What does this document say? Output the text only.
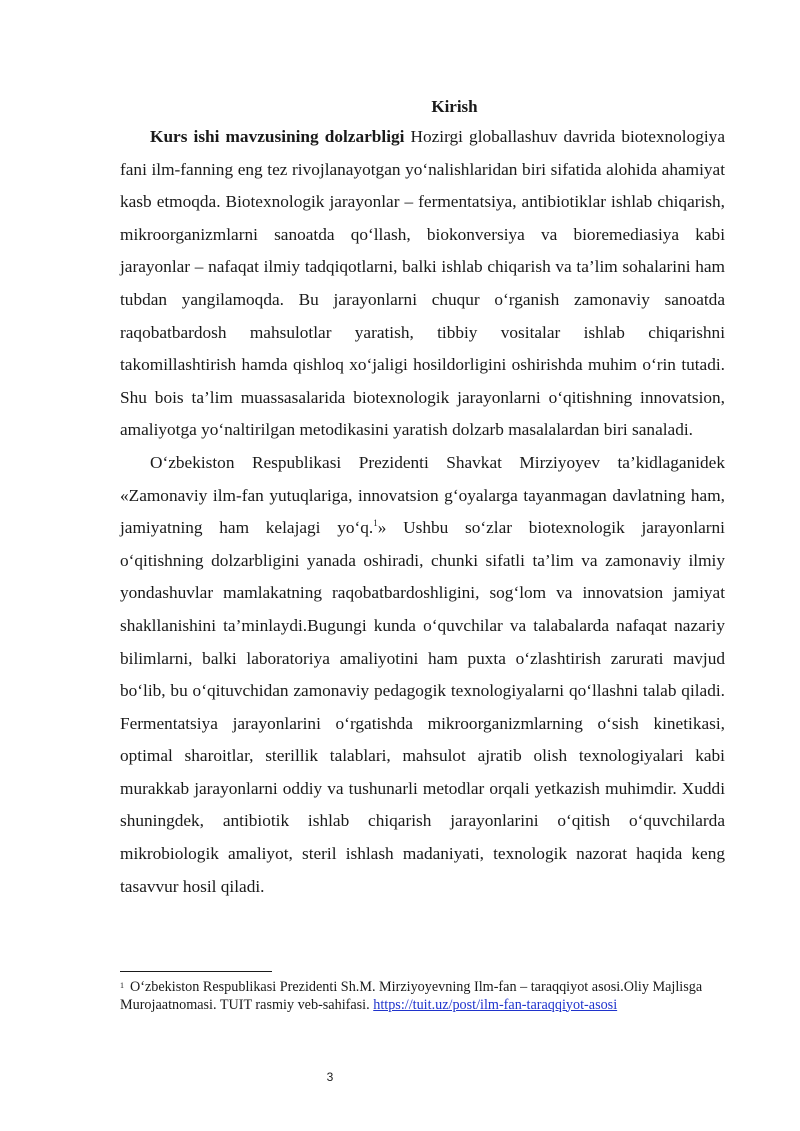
Kirish

Kurs ishi mavzusining dolzarbligi Hozirgi globallashuv davrida biotexnologiya fani ilm-fanning eng tez rivojlanayotgan yo‘nalishlaridan biri sifatida alohida ahamiyat kasb etmoqda. Biotexnologik jarayonlar – fermentatsiya, antibiotiklar ishlab chiqarish, mikroorganizmlarni sanoatda qo‘llash, biokonversiya va bioremediasiya kabi jarayonlar – nafaqat ilmiy tadqiqotlarni, balki ishlab chiqarish va ta’lim sohalarini ham tubdan yangilamoqda. Bu jarayonlarni chuqur o‘rganish zamonaviy sanoatda raqobatbardosh mahsulotlar yaratish, tibbiy vositalar ishlab chiqarishni takomillashtirish hamda qishloq xo‘jaligi hosildorligini oshirishda muhim o‘rin tutadi. Shu bois ta’lim muassasalarida biotexnologik jarayonlarni o‘qitishning innovatsion, amaliyotga yo‘naltirilgan metodikasini yaratish dolzarb masalalardan biri sanaladi.

O‘zbekiston Respublikasi Prezidenti Shavkat Mirziyoyev ta’kidlaganidek «Zamonaviy ilm-fan yutuqlariga, innovatsion g‘oyalarga tayanmagan davlatning ham, jamiyatning ham kelajagi yo‘q.$^1$» Ushbu so‘zlar biotexnologik jarayonlarni o‘qitishning dolzarbligini yanada oshiradi, chunki sifatli ta’lim va zamonaviy ilmiy yondashuvlar mamlakatning raqobatbardoshligini, sog‘lom va innovatsion jamiyat shakllanishini ta’minlaydi.Bugungi kunda o‘quvchilar va talabalarda nafaqat nazariy bilimlarni, balki laboratoriya amaliyotini ham puxta o‘zlashtirish zarurati mavjud bo‘lib, bu o‘qituvchidan zamonaviy pedagogik texnologiyalarni qo‘llashni talab qiladi. Fermentatsiya jarayonlarini o‘rgatishda mikroorganizmlarning o‘sish kinetikasi, optimal sharoitlar, sterillik talablari, mahsulot ajratib olish texnologiyalari kabi murakkab jarayonlarni oddiy va tushunarli metodlar orqali yetkazish muhimdir. Xuddi shuningdek, antibiotik ishlab chiqarish jarayonlarini o‘qitish o‘quvchilarda mikrobiologik amaliyot, steril ishlash madaniyati, texnologik nazorat haqida keng tasavvur hosil qiladi.

$^1$ O‘zbekiston Respublikasi Prezidenti Sh.M. Mirziyoyevning Ilm-fan – taraqqiyot asosi.Oliy Majlisga Murojaatnomasi. TUIT rasmiy veb-sahifasi. https://tuit.uz/post/ilm-fan-taraqqiyot-asosi
3
